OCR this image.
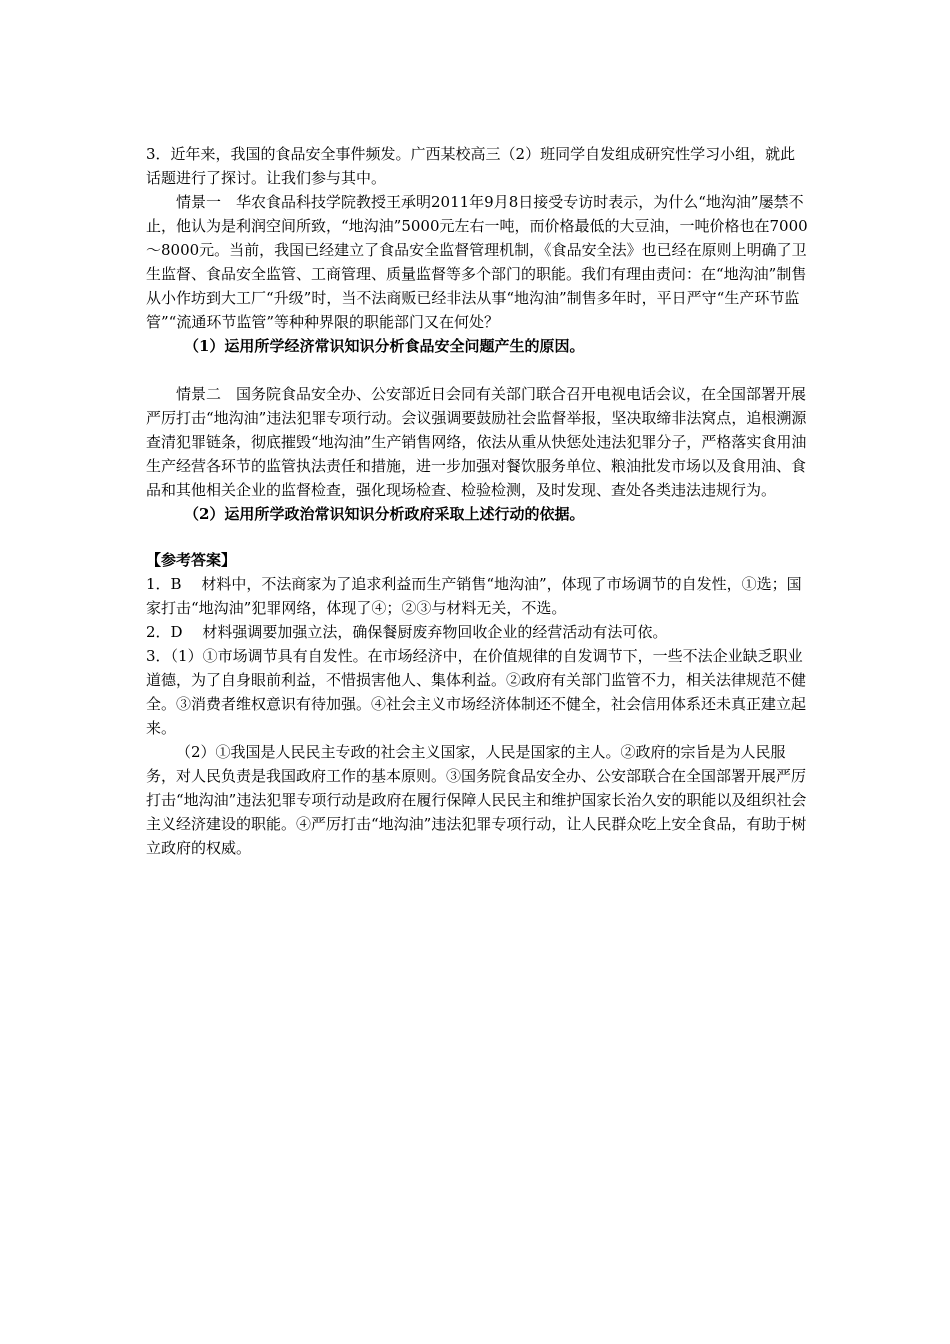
3．近年来，我国的食品安全事件频发。广西某校高三（2）班同学自发组成研究性学习小组，就此话题进行了探讨。让我们参与其中。

情景一　华农食品科技学院教授王承明2011年9月8日接受专访时表示，为什么“地沟油”屡禁不止，他认为是利润空间所致，“地沟油”5000元左右一吨，而价格最低的大豆油，一吨价格也在7000～8000元。当前，我国已经建立了食品安全监督管理机制，《食品安全法》也已经在原则上明确了卫生监督、食品安全监管、工商管理、质量监督等多个部门的职能。我们有理由责问：在“地沟油”制售从小作坊到大工厂“升级”时，当不法商贩已经非法从事“地沟油”制售多年时，平日严守“生产环节监管”“流通环节监管”等种种界限的职能部门又在何处？

（1）运用所学经济常识知识分析食品安全问题产生的原因。

情景二　国务院食品安全办、公安部近日会同有关部门联合召开电视电话会议，在全国部署开展严厉打击“地沟油”违法犯罪专项行动。会议强调要鼓励社会监督举报，坚决取缔非法窝点，追根溯源查清犯罪链条，彻底摧毁“地沟油”生产销售网络，依法从重从快惩处违法犯罪分子，严格落实食用油生产经营各环节的监管执法责任和措施，进一步加强对餐饮服务单位、粮油批发市场以及食用油、食品和其他相关企业的监督检查，强化现场检查、检验检测，及时发现、查处各类违法违规行为。

（2）运用所学政治常识知识分析政府采取上述行动的依据。

【参考答案】

1．B　 材料中，不法商家为了追求利益而生产销售“地沟油”，体现了市场调节的自发性，①选；国家打击“地沟油”犯罪网络，体现了④；②③与材料无关，不选。

2．D　 材料强调要加强立法，确保餐厨废弃物回收企业的经营活动有法可依。

3．（1）①市场调节具有自发性。在市场经济中，在价值规律的自发调节下，一些不法企业缺乏职业道德，为了自身眼前利益，不惜损害他人、集体利益。②政府有关部门监管不力，相关法律规范不健全。③消费者维权意识有待加强。④社会主义市场经济体制还不健全，社会信用体系还未真正建立起来。

（2）①我国是人民民主专政的社会主义国家，人民是国家的主人。②政府的宗旨是为人民服务，对人民负责是我国政府工作的基本原则。③国务院食品安全办、公安部联合在全国部署开展严厉打击“地沟油”违法犯罪专项行动是政府在履行保障人民民主和维护国家长治久安的职能以及组织社会主义经济建设的职能。④严厉打击“地沟油”违法犯罪专项行动，让人民群众吃上安全食品，有助于树立政府的权威。
